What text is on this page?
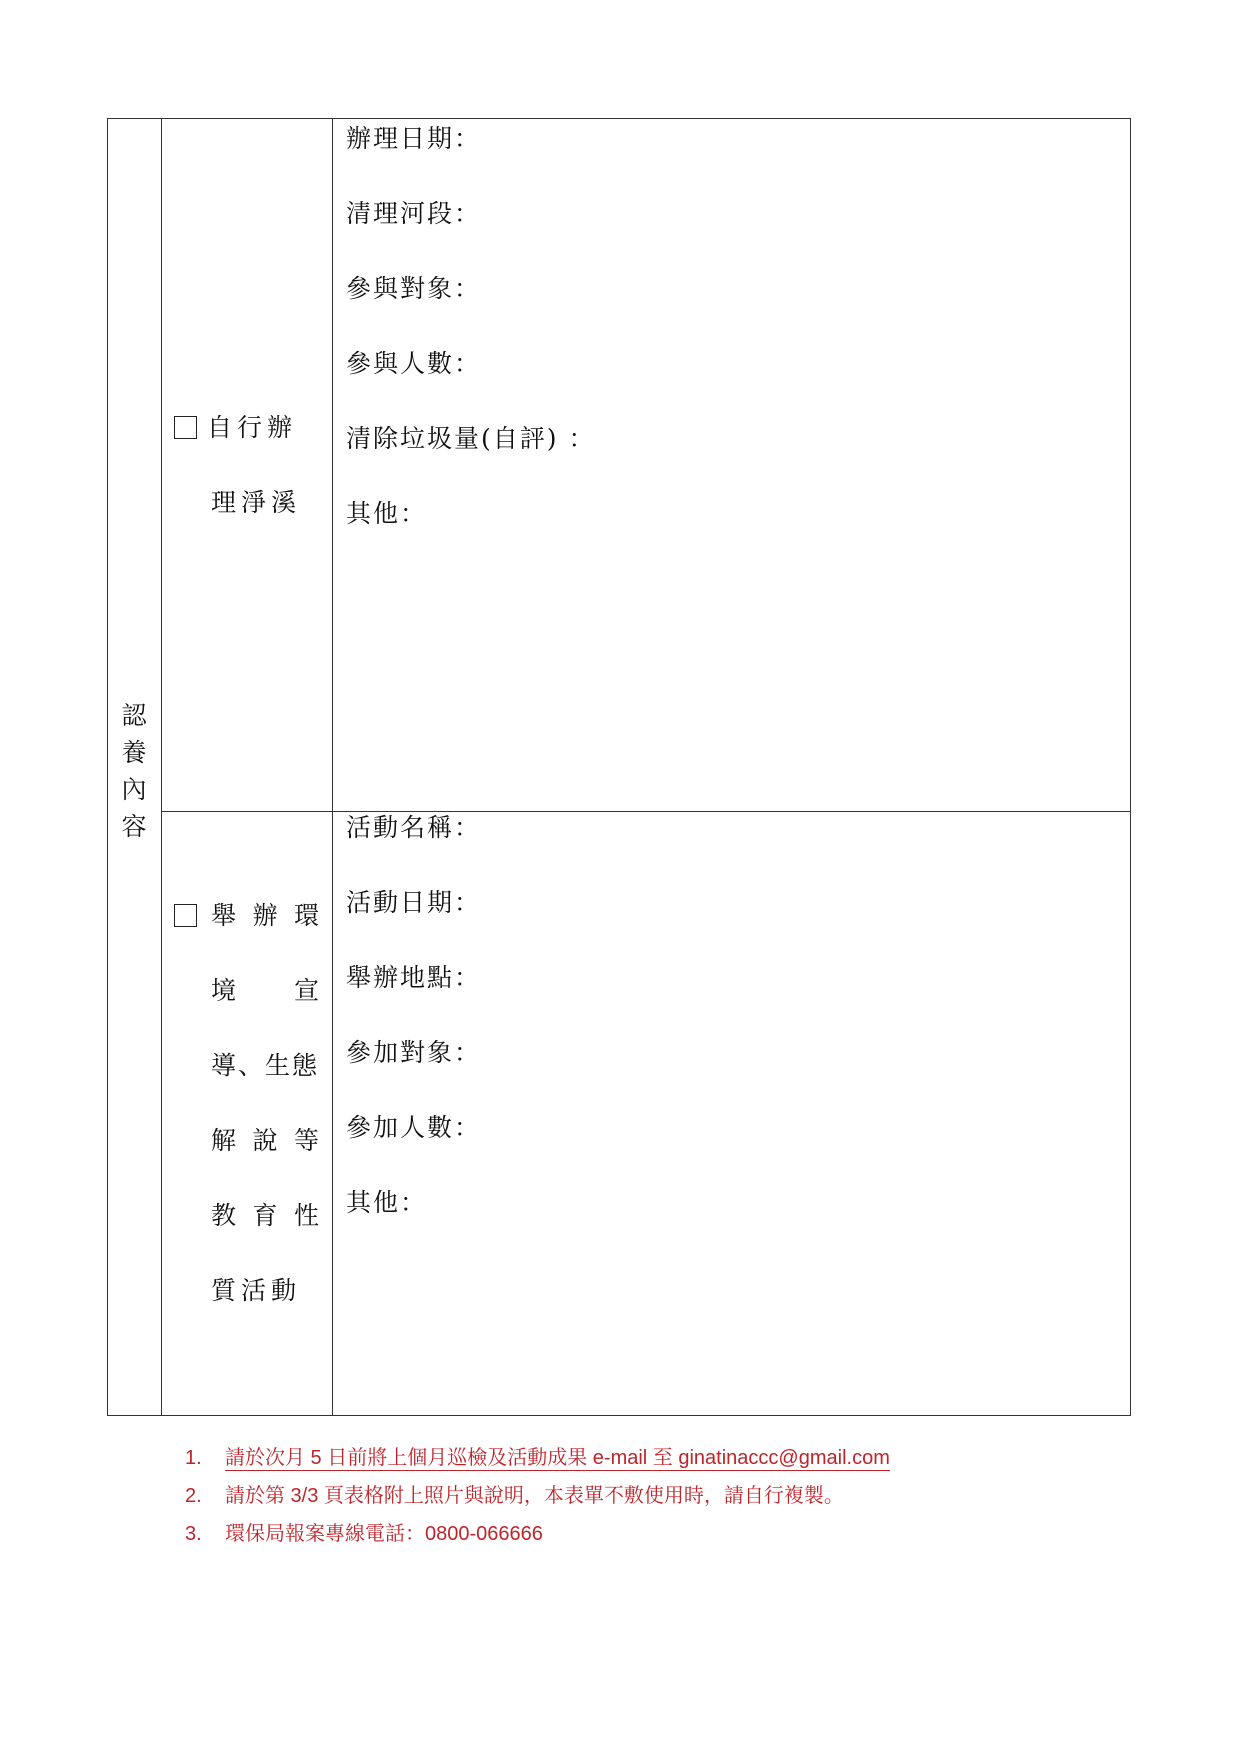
認
養
內
容
自行辦
理淨溪
辦理日期：
清理河段：
參與對象：
參與人數：
清除垃圾量(自評) ：
其他：
舉 辦 環
境 宣
導、生態
解 說 等
教 育 性
質活動
活動名稱：
活動日期：
舉辦地點：
參加對象：
參加人數：
其他：
1. 請於次月 5 日前將上個月巡檢及活動成果 e-mail 至 ginatinaccc@gmail.com
2. 請於第 3/3 頁表格附上照片與說明，本表單不敷使用時，請自行複製。
3. 環保局報案專線電話：0800-066666
